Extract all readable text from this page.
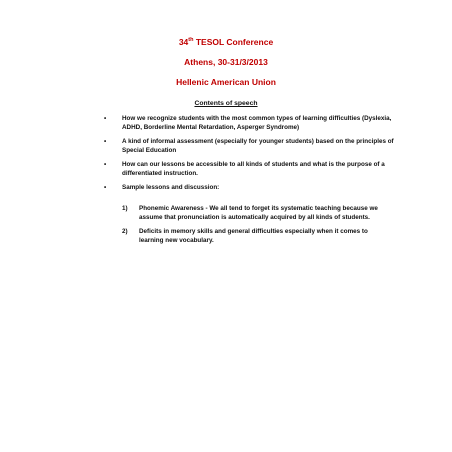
34th TESOL Conference
Athens, 30-31/3/2013
Hellenic American Union
Contents of speech
•	How we recognize students with the most common types of learning difficulties (Dyslexia, ADHD, Borderline Mental Retardation, Asperger Syndrome)
•	A kind of informal assessment (especially for younger students) based on the principles of Special Education
•	How can our lessons be accessible to all kinds of students and what is the purpose of a differentiated instruction.
•	Sample lessons and discussion:
1) Phonemic Awareness - We all tend to forget its systematic teaching because we assume that pronunciation is automatically acquired by all kinds of students.
2) Deficits in memory skills and general difficulties especially when it comes to learning new vocabulary.
